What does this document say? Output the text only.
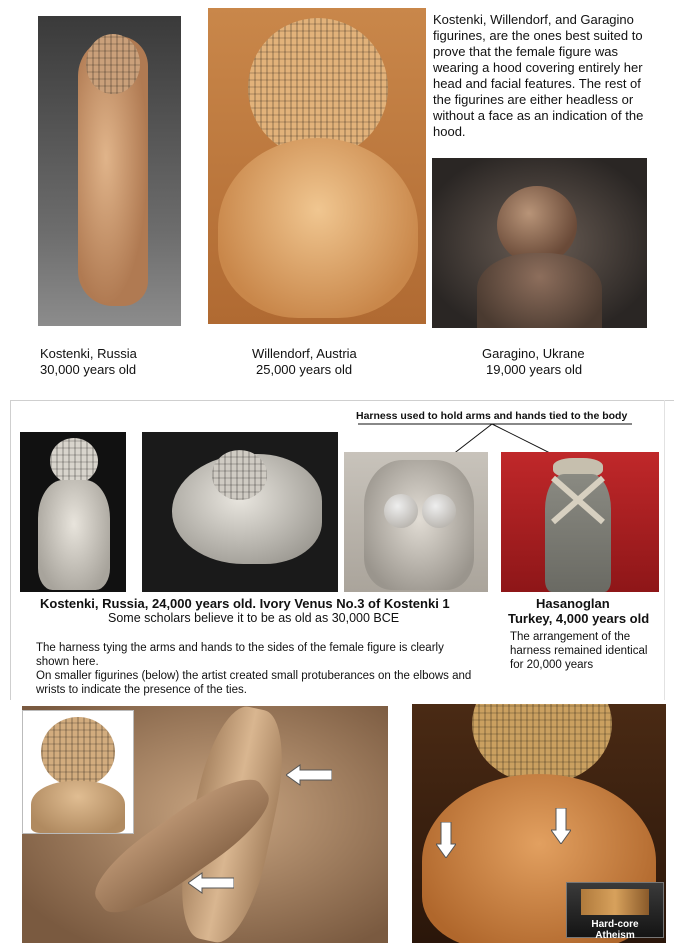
Kostenki, Willendorf, and Garagino figurines, are the ones best suited to prove that the female figure was wearing a hood covering entirely her head and facial features. The rest of the figurines are either headless or without a face as an indication of the hood.
Kostenki, Russia
30,000 years old
Willendorf, Austria
25,000 years old
Garagino, Ukrane
19,000 years old
Harness used to hold arms and hands tied to the body
Kostenki, Russia, 24,000 years old. Ivory Venus No.3 of Kostenki 1
Some scholars believe it to be as old as 30,000 BCE
Hasanoglan
Turkey, 4,000 years old
The arrangement of the harness remained identical for 20,000 years
The harness tying the arms and hands to the sides of the female figure is clearly shown here.
On smaller figurines (below) the artist created small protuberances on the elbows and wrists to indicate the presence of the ties.
Hard-core Atheism
